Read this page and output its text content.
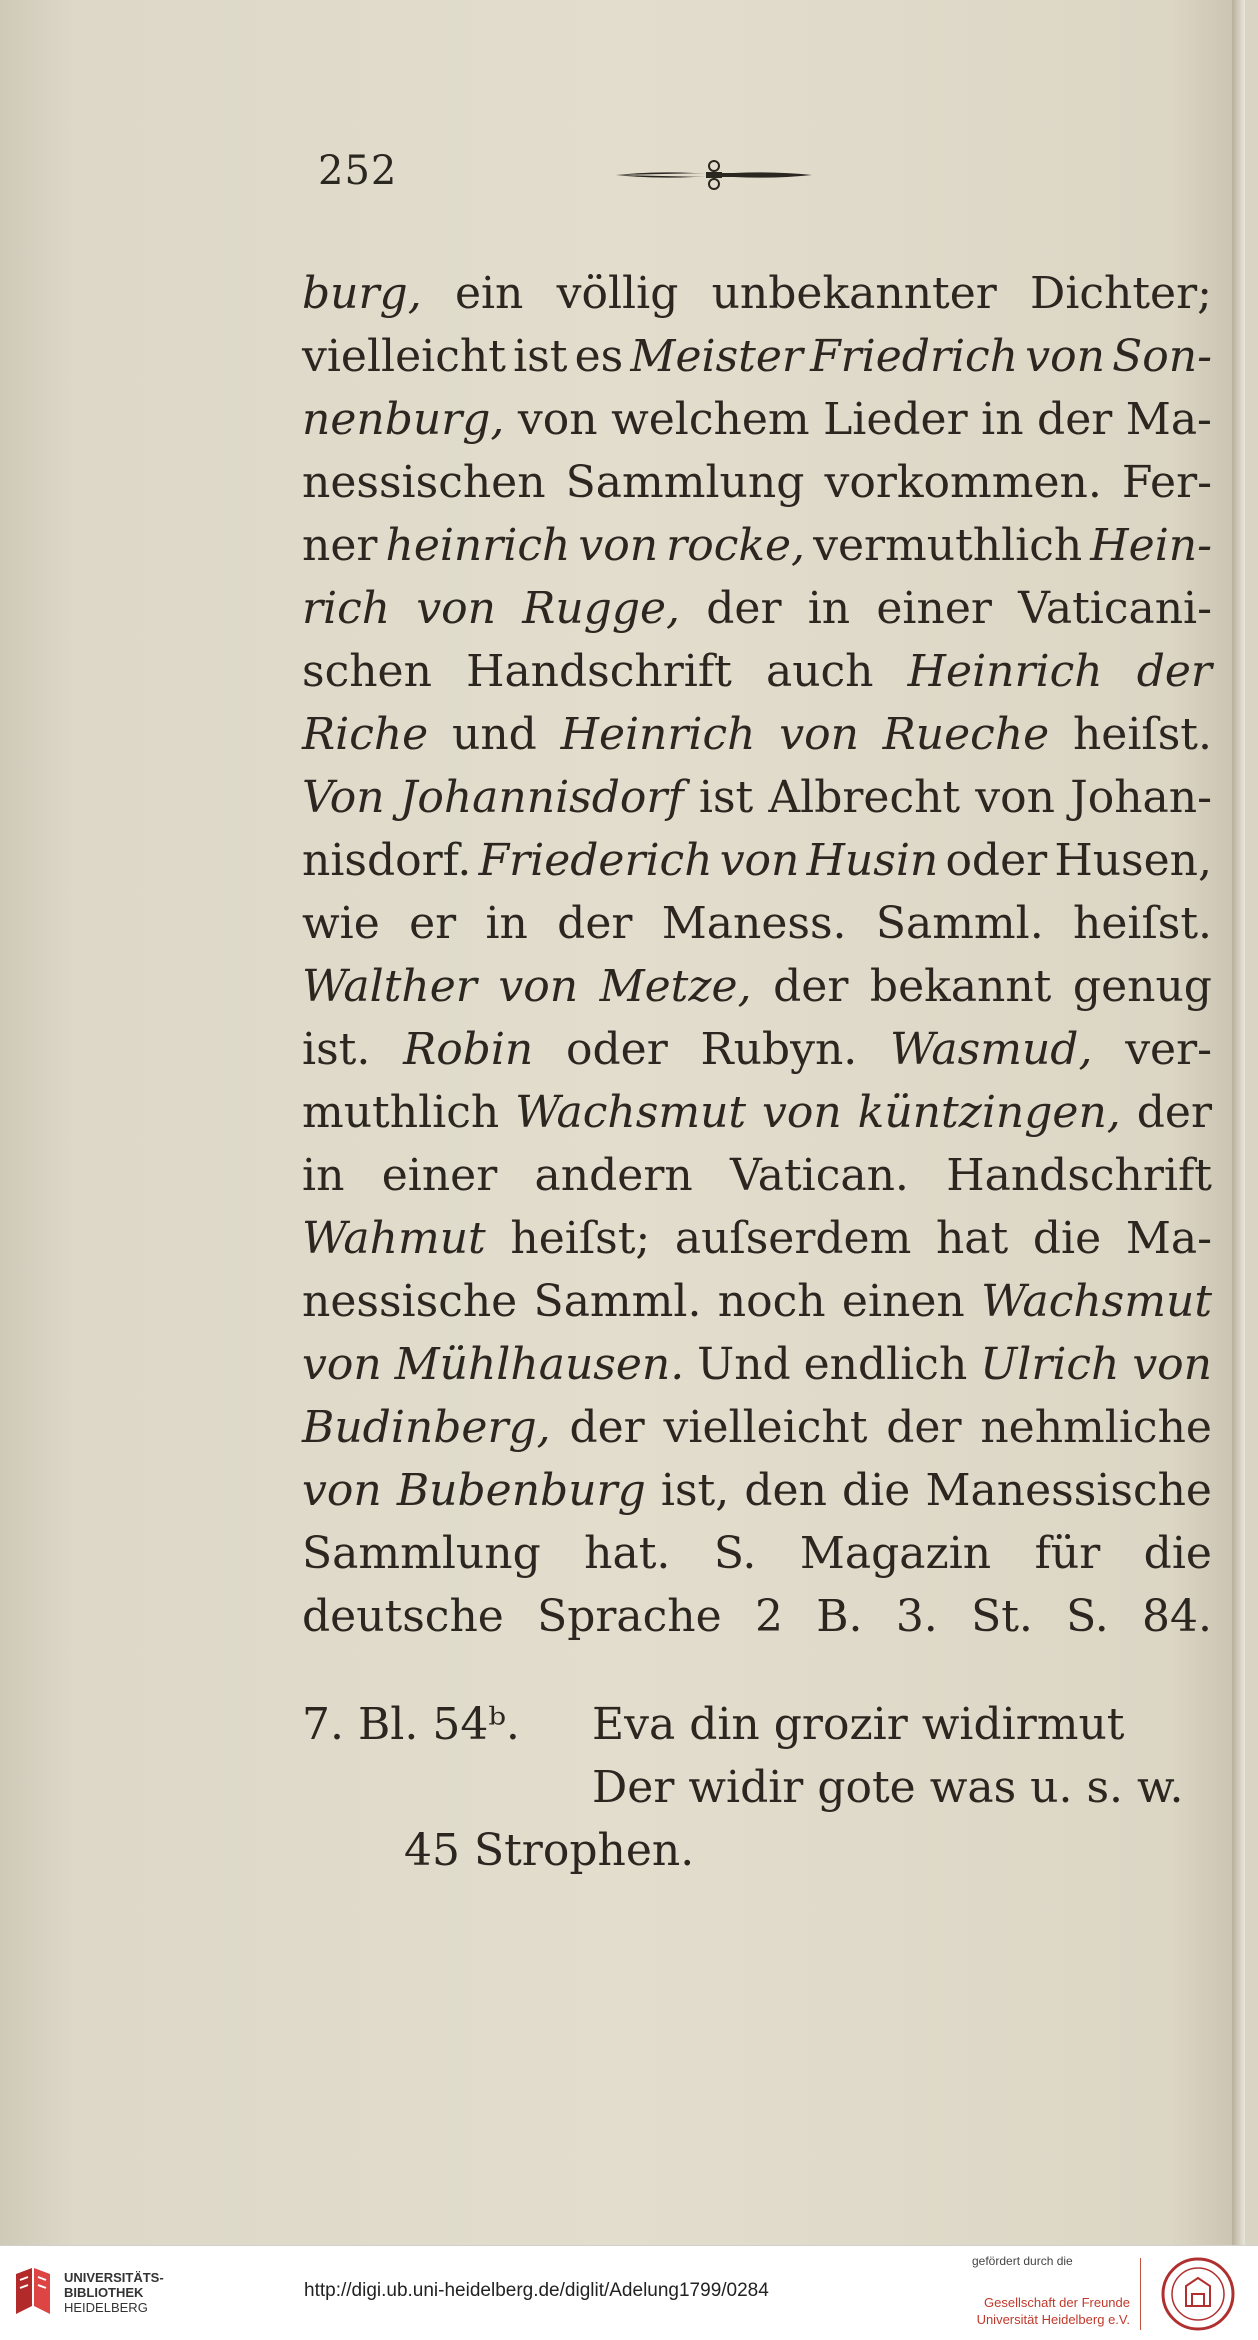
252
burg, ein völlig unbekannter Dichter;
vielleicht ist es Meister Friedrich von Son-
nenburg, von welchem Lieder in der Ma-
nessischen Sammlung vorkommen. Fer-
ner heinrich von rocke, vermuthlich Hein-
rich von Rugge, der in einer Vaticani-
schen Handschrift auch Heinrich der
Riche und Heinrich von Rueche heiſst.
Von Johannisdorf ist Albrecht von Johan-
nisdorf. Friederich von Husin oder Husen,
wie er in der Maness. Samml. heiſst.
Walther von Metze, der bekannt genug
ist. Robin oder Rubyn. Wasmud, ver-
muthlich Wachsmut von küntzingen, der
in einer andern Vatican. Handschrift
Wahmut heiſst; auſserdem hat die Ma-
nessische Samml. noch einen Wachsmut
von Mühlhausen. Und endlich Ulrich von
Budinberg, der vielleicht der nehmliche
von Bubenburg ist, den die Manessische
Sammlung hat. S. Magazin für die
deutsche Sprache 2 B. 3. St. S. 84.
7. Bl. 54ᵇ. Eva din grozir widirmut
Der widir gote was u. s. w.
45 Strophen.
UNIVERSITÄTS-
BIBLIOTHEK
HEIDELBERG
http://digi.ub.uni-heidelberg.de/diglit/Adelung1799/0284
gefördert durch die
Gesellschaft der Freunde
Universität Heidelberg e.V.
